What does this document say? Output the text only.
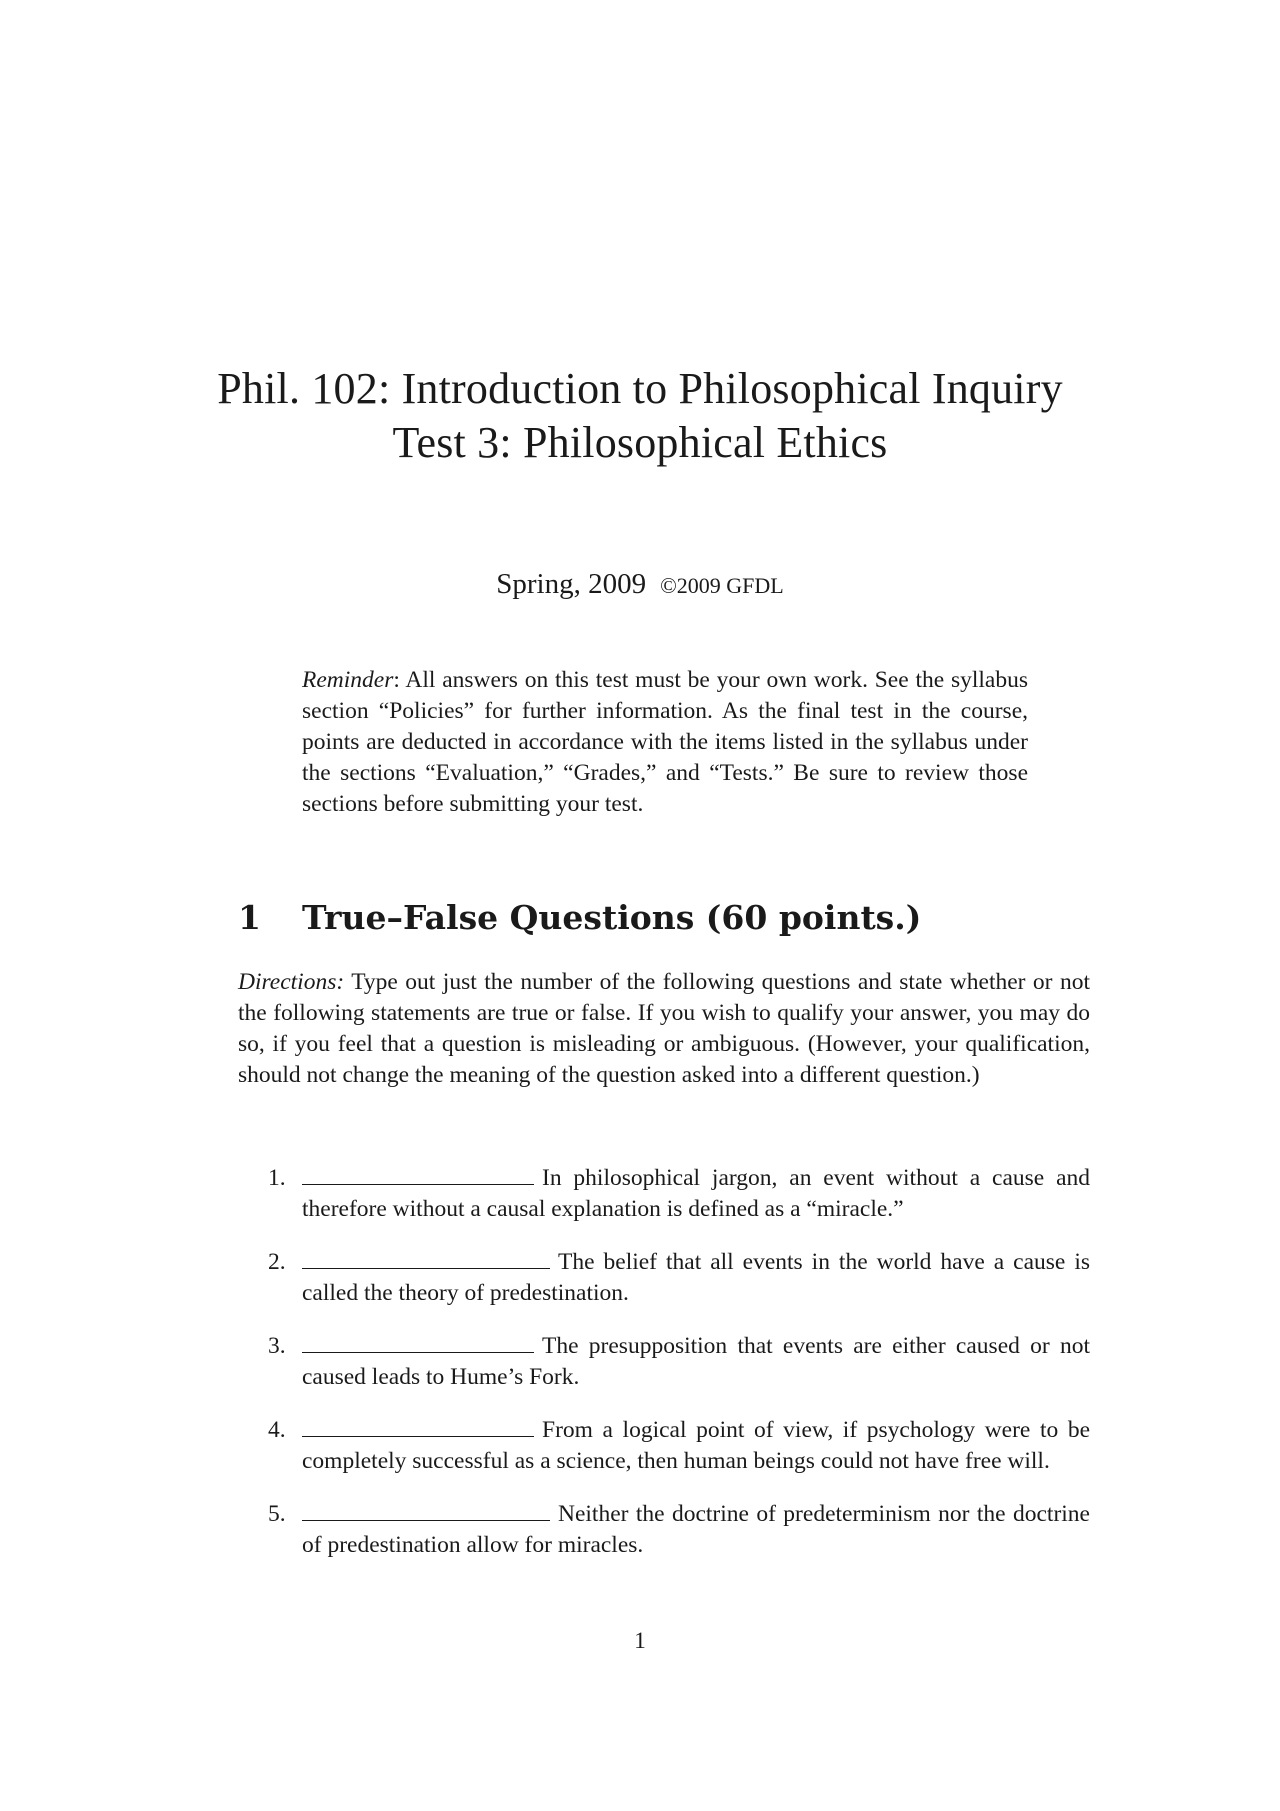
Phil. 102: Introduction to Philosophical Inquiry
Test 3: Philosophical Ethics
Spring, 2009 ©2009 GFDL
Reminder: All answers on this test must be your own work. See the syllabus section “Policies” for further information. As the final test in the course, points are deducted in accordance with the items listed in the syllabus under the sections “Evaluation,” “Grades,” and “Tests.” Be sure to review those sections before submitting your test.
1 True–False Questions (60 points.)
Directions: Type out just the number of the following questions and state whether or not the following statements are true or false. If you wish to qualify your answer, you may do so, if you feel that a question is misleading or ambiguous. (However, your qualification, should not change the meaning of the question asked into a different question.)
1.	In philosophical jargon, an event without a cause and therefore without a causal explanation is defined as a “miracle.”
2.	The belief that all events in the world have a cause is called the theory of predestination.
3.	The presupposition that events are either caused or not caused leads to Hume’s Fork.
4.	From a logical point of view, if psychology were to be completely successful as a science, then human beings could not have free will.
5.	Neither the doctrine of predeterminism nor the doctrine of predestination allow for miracles.
1
